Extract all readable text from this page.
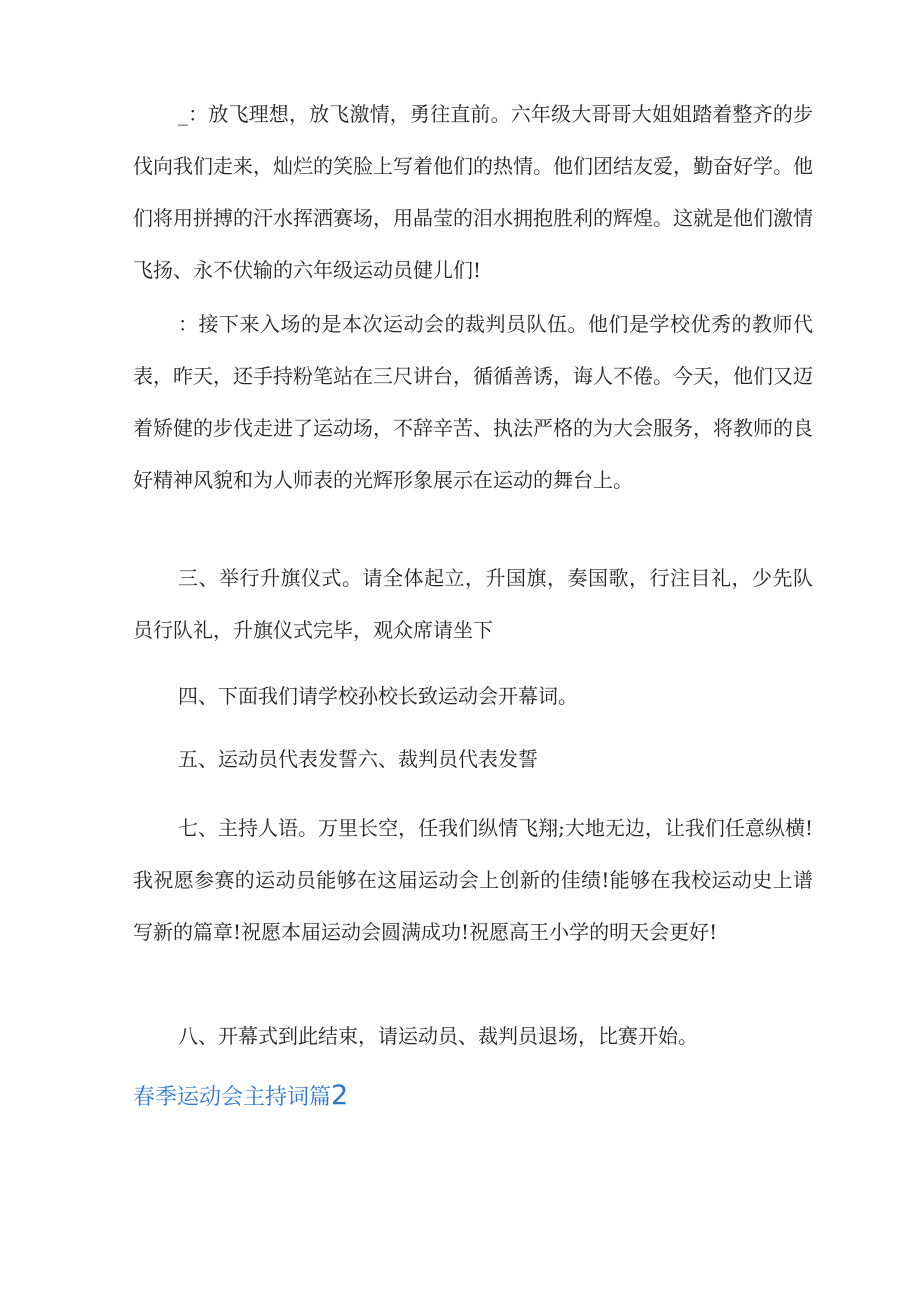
_：放飞理想，放飞激情，勇往直前。六年级大哥哥大姐姐踏着整齐的步伐向我们走来，灿烂的笑脸上写着他们的热情。他们团结友爱，勤奋好学。他们将用拼搏的汗水挥洒赛场，用晶莹的泪水拥抱胜利的辉煌。这就是他们激情飞扬、永不伏输的六年级运动员健儿们!

：接下来入场的是本次运动会的裁判员队伍。他们是学校优秀的教师代表，昨天，还手持粉笔站在三尺讲台，循循善诱，诲人不倦。今天，他们又迈着矫健的步伐走进了运动场，不辞辛苦、执法严格的为大会服务，将教师的良好精神风貌和为人师表的光辉形象展示在运动的舞台上。

三、举行升旗仪式。请全体起立，升国旗，奏国歌，行注目礼，少先队员行队礼，升旗仪式完毕，观众席请坐下

四、下面我们请学校孙校长致运动会开幕词。

五、运动员代表发誓六、裁判员代表发誓

七、主持人语。万里长空，任我们纵情飞翔;大地无边，让我们任意纵横!我祝愿参赛的运动员能够在这届运动会上创新的佳绩!能够在我校运动史上谱写新的篇章!祝愿本届运动会圆满成功!祝愿高王小学的明天会更好!

八、开幕式到此结束，请运动员、裁判员退场，比赛开始。

春季运动会主持词篇2
